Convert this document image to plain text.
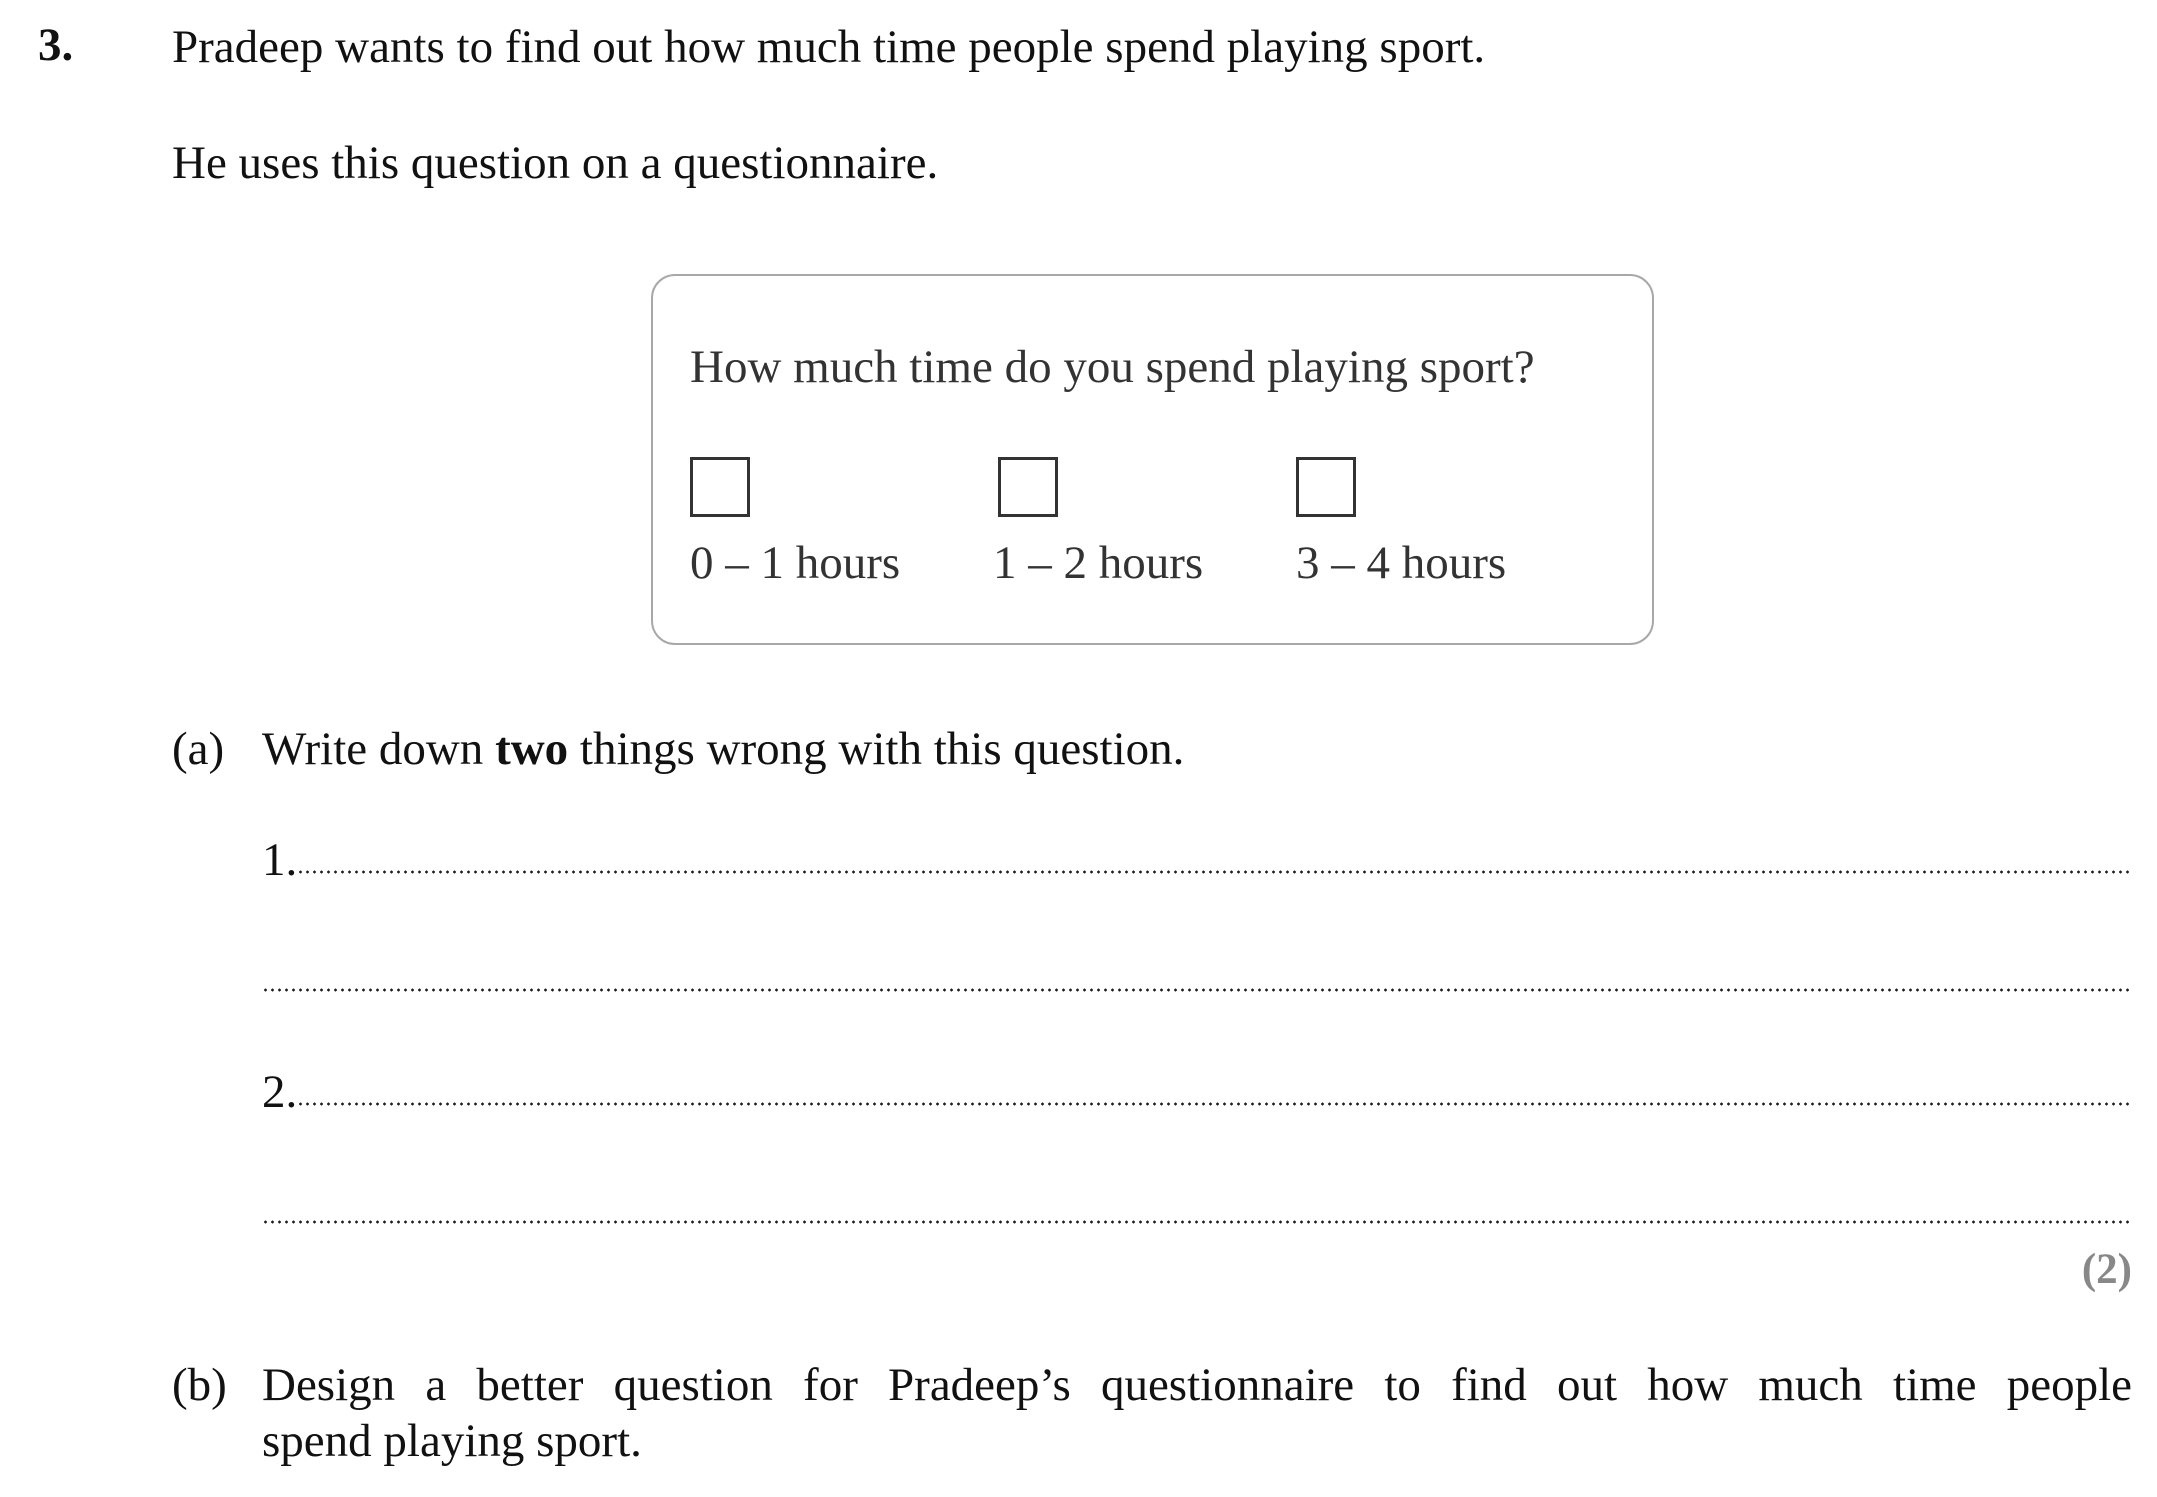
3. Pradeep wants to find out how much time people spend playing sport.
He uses this question on a questionnaire.
How much time do you spend playing sport?
0 – 1 hours 1 – 2 hours 3 – 4 hours
(a) Write down two things wrong with this question.
1.
2.
(2)
(b) Design a better question for Pradeep’s questionnaire to find out how much time people
spend playing sport.
